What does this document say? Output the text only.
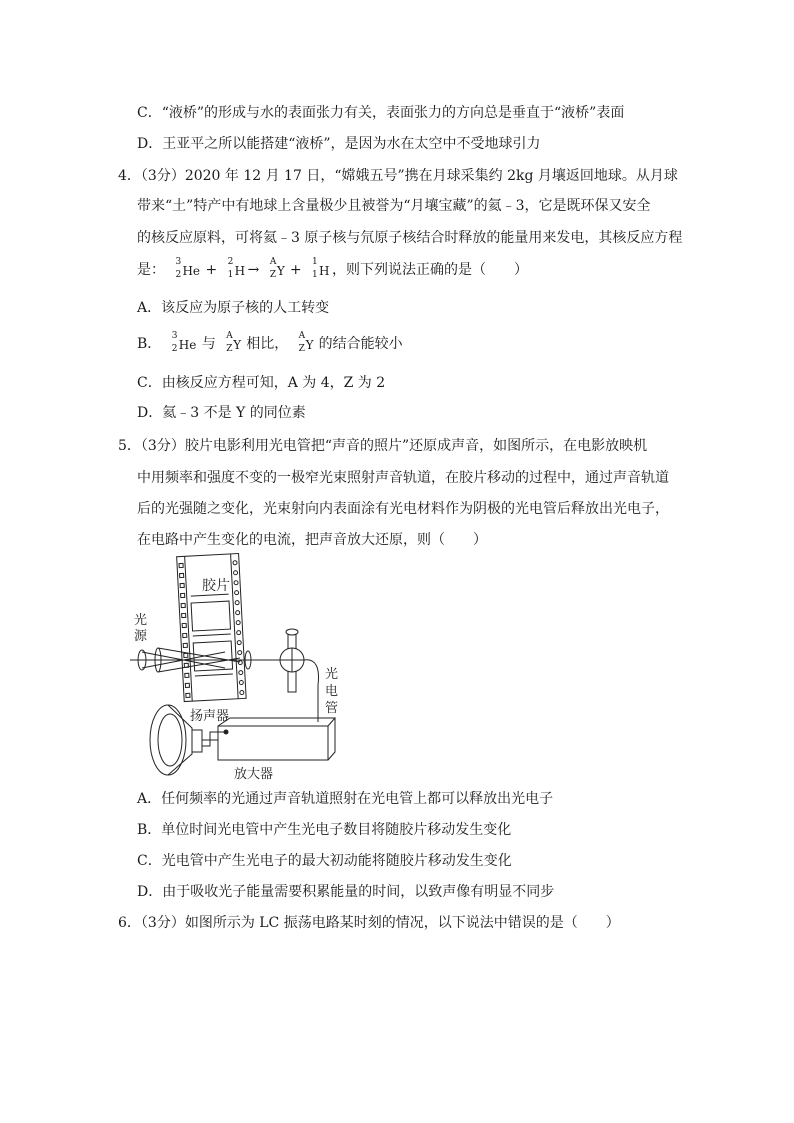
C．“液桥”的形成与水的表面张力有关，表面张力的方向总是垂直于“液桥”表面
D．王亚平之所以能搭建“液桥”，是因为水在太空中不受地球引力
4．（3分）2020 年 12 月 17 日，“嫦娥五号”携在月球采集约 2kg 月壤返回地球。从月球
带来“土”特产中有地球上含量极少且被誉为“月壤宝藏”的氦﹣3，它是既环保又安全
的核反应原料，可将氦﹣3 原子核与氘原子核结合时释放的能量用来发电，其核反应方程
是： 3
2 He + 2
1 H → A
Z Y + 1
1 H ，则下列说法正确的是（　　）
A．该反应为原子核的人工转变
B． 3
2 He 与 A
Z Y 相比， A
Z Y 的结合能较小
C．由核反应方程可知，A 为 4，Z 为 2
D．氦﹣3 不是 Y 的同位素
5．（3分）胶片电影利用光电管把“声音的照片”还原成声音，如图所示，在电影放映机
中用频率和强度不变的一极窄光束照射声音轨道，在胶片移动的过程中，通过声音轨道
后的光强随之变化，光束射向内表面涂有光电材料作为阴极的光电管后释放出光电子，
在电路中产生变化的电流，把声音放大还原，则（　　）
胶片
光
源
光
电
管
扬声器
放大器
A．任何频率的光通过声音轨道照射在光电管上都可以释放出光电子
B．单位时间光电管中产生光电子数目将随胶片移动发生变化
C．光电管中产生光电子的最大初动能将随胶片移动发生变化
D．由于吸收光子能量需要积累能量的时间，以致声像有明显不同步
6．（3分）如图所示为 LC 振荡电路某时刻的情况，以下说法中错误的是（　　）
